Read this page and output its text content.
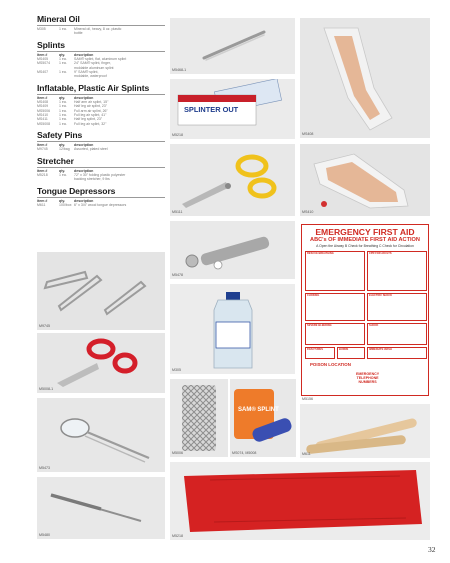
Mineral Oil
M305	1 ea.	Mineral oil, heavy, 8 oz. plastic
bottle
Splints
item #	qty.	description
MS405	1 ea.	SAM® splint, flat, aluminum splint
MS5074	1 ea.	24" SAM® splint, finger,
moldable aluminum splint
MS407	1 ea.	9" SAM® splint,
moldable, waterproof
Inflatable, Plastic Air Splints
item #	qty.	description
MS408	1 ea.	Half arm air splint, 15"
MS409	1 ea.	Half leg air splint, 23"
MS5006	1 ea.	Full arm air splint, 26"
MS410	1 ea.	Full leg air splint, 41"
MS411	1 ea.	Half leg splint, 23"
MS5008	1 ea.	Full leg air splint, 32"
Safety Pins
item #	qty.	description
M9745	12/bag	Assorted, plated steel
Stretcher
item #	qty.	description
M5218	1 ea.	72" x 30" folding plastic polyester
backing stretcher, 9 lbs
Tongue Depressors
item #	qty.	description
M611	100/box 6" x 3/4" wood tongue depressors
M5468-1
SPLINTER OUT
M5218	MS408
M5111	MS410
M5478
M9745
M305
M5008-1
EMERGENCY FIRST AID
ABC's OF IMMEDIATE FIRST AID ACTION
A Open the Airway B Check for Breathing C Check for Circulation
RESCUE BREATHING	CPR FOR ADULTS
CHOKING	ELECTRIC SHOCK
SEVERE BLEEDING	SHOCK
FRACTURES	BURNS	IMMEDIATE WASH
POISON LOCATION
EMERGENCY
TELEPHONE
NUMBERS
M5156
M5006
SAM® SPLINT
MS074, M5008	M611
M5473
M5480	M5218
32
